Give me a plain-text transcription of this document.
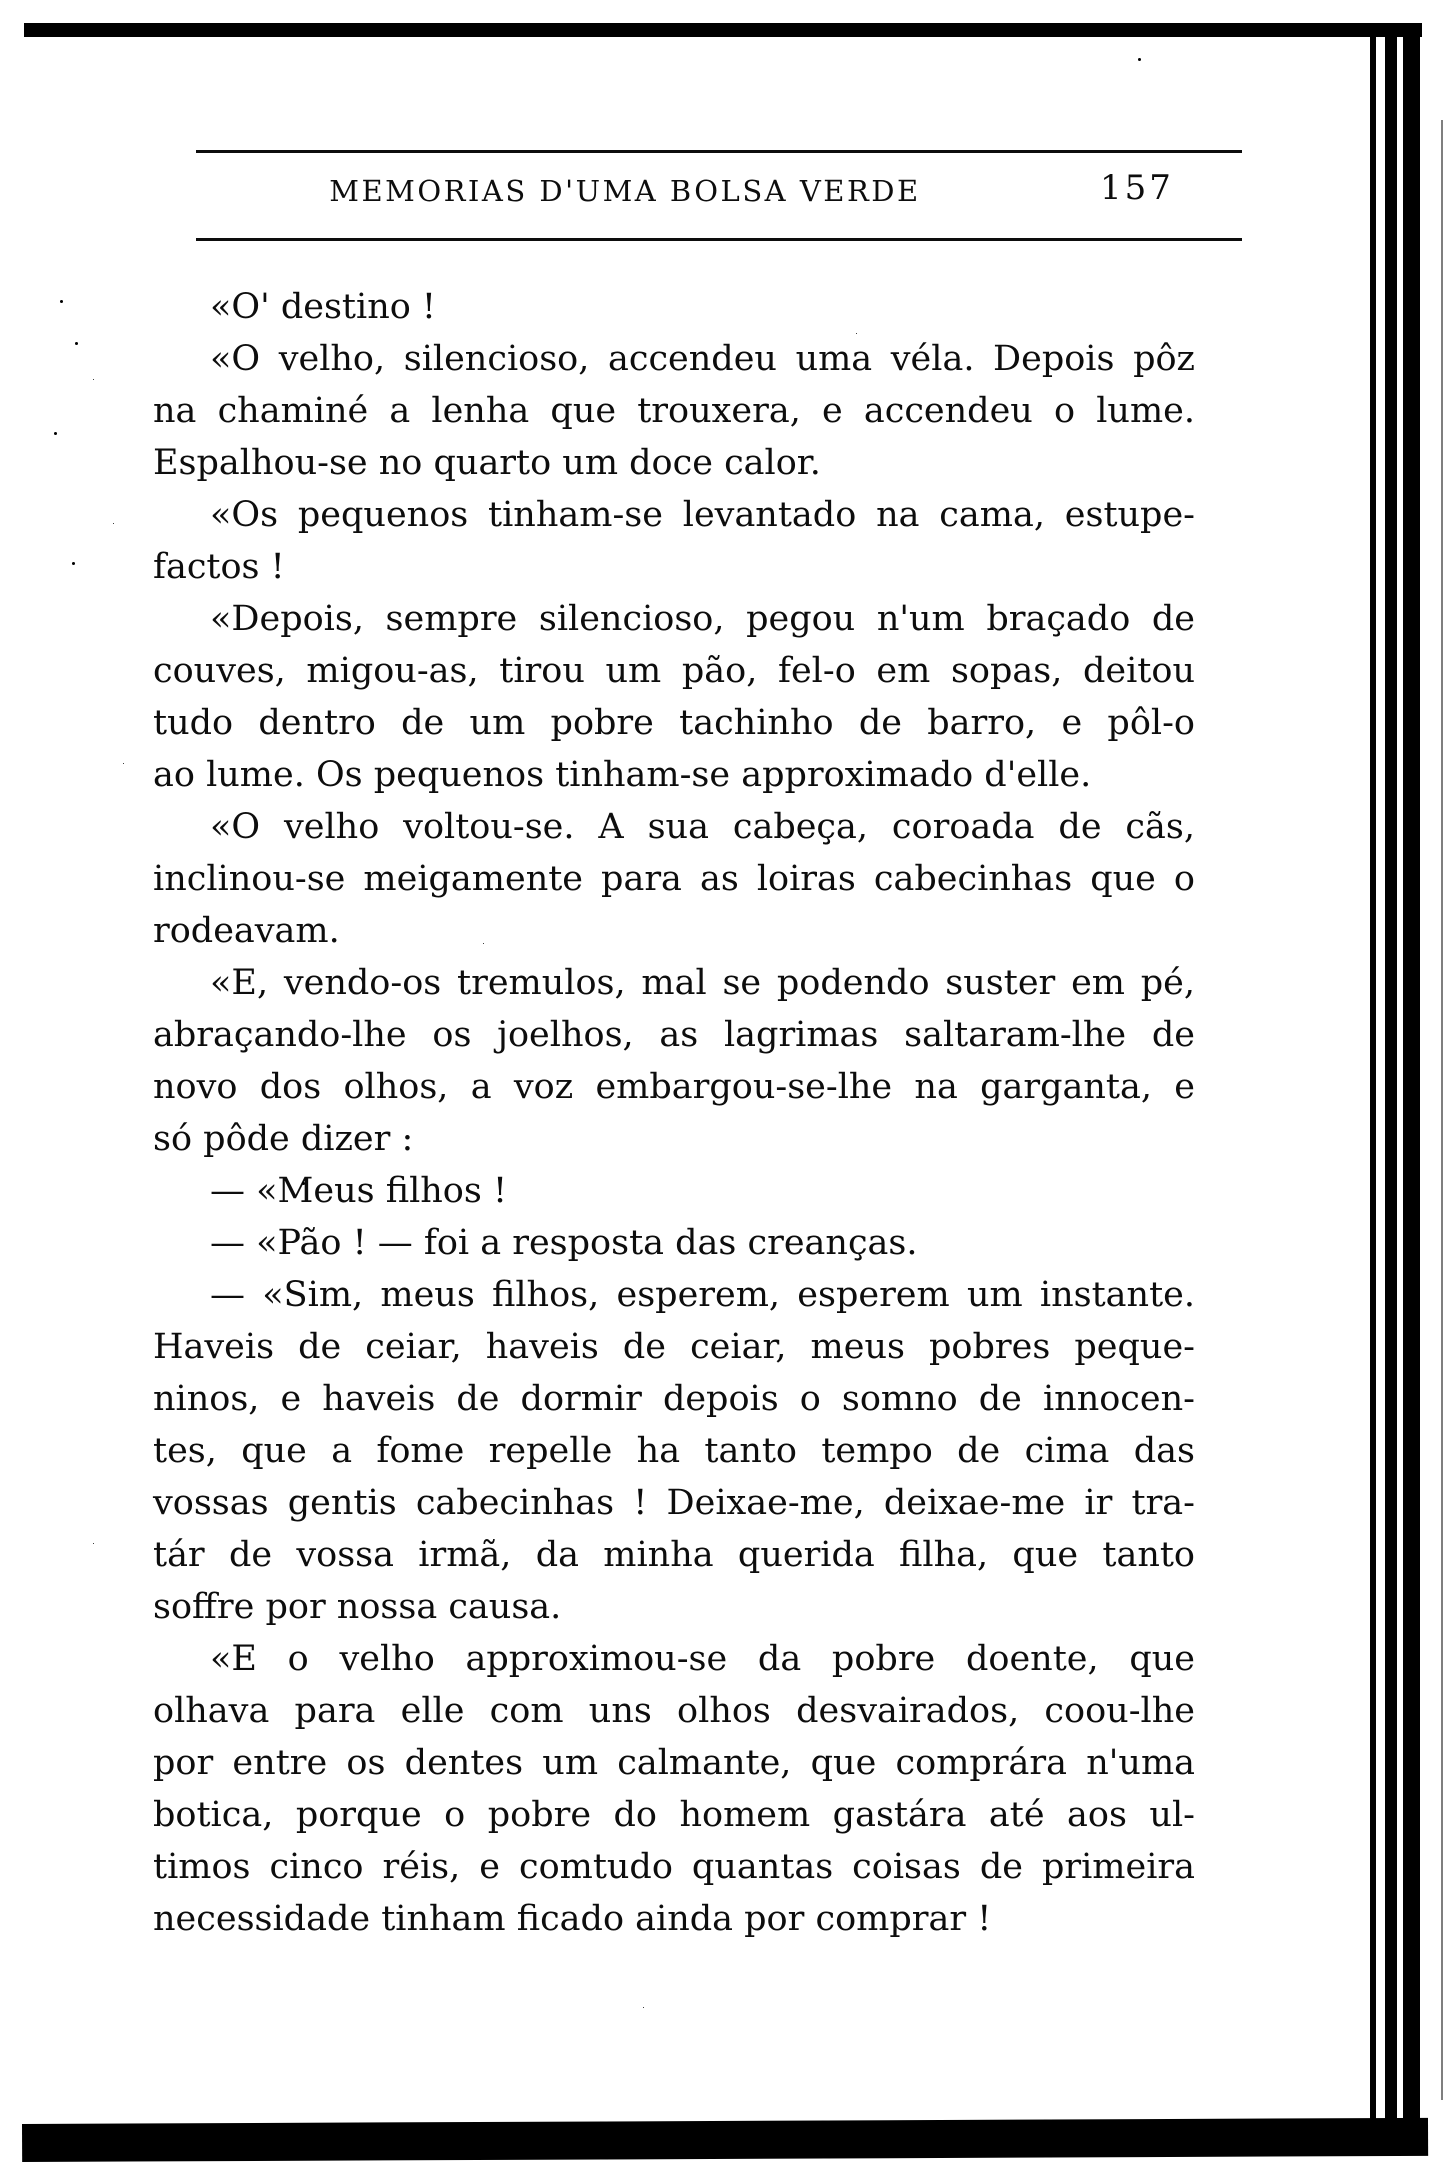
MEMORIAS D'UMA BOLSA VERDE	157
«O' destino !
«O velho, silencioso, accendeu uma véla. Depois pôz
na chaminé a lenha que trouxera, e accendeu o lume.
Espalhou-se no quarto um doce calor.
«Os pequenos tinham-se levantado na cama, estupe-
factos !
«Depois, sempre silencioso, pegou n'um braçado de
couves, migou-as, tirou um pão, fel-o em sopas, deitou
tudo dentro de um pobre tachinho de barro, e pôl-o
ao lume. Os pequenos tinham-se approximado d'elle.
«O velho voltou-se. A sua cabeça, coroada de cãs,
inclinou-se meigamente para as loiras cabecinhas que o
rodeavam.
«E, vendo-os tremulos, mal se podendo suster em pé,
abraçando-lhe os joelhos, as lagrimas saltaram-lhe de
novo dos olhos, a voz embargou-se-lhe na garganta, e
só pôde dizer :
— «Meus filhos !
— «Pão ! — foi a resposta das creanças.
— «Sim, meus filhos, esperem, esperem um instante.
Haveis de ceiar, haveis de ceiar, meus pobres peque-
ninos, e haveis de dormir depois o somno de innocen-
tes, que a fome repelle ha tanto tempo de cima das
vossas gentis cabecinhas ! Deixae-me, deixae-me ir tra-
tár de vossa irmã, da minha querida filha, que tanto
soffre por nossa causa.
«E o velho approximou-se da pobre doente, que
olhava para elle com uns olhos desvairados, coou-lhe
por entre os dentes um calmante, que comprára n'uma
botica, porque o pobre do homem gastára até aos ul-
timos cinco réis, e comtudo quantas coisas de primeira
necessidade tinham ficado ainda por comprar !
